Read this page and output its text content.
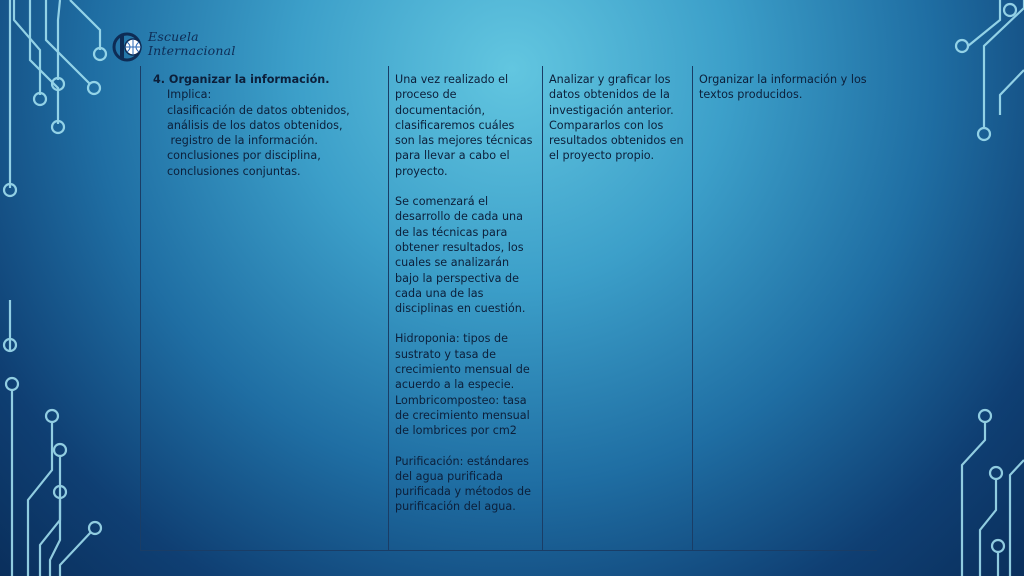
Escuela
Internacional
4. Organizar la información.
Implica:
clasificación de datos obtenidos,
análisis de los datos obtenidos,
registro de la información.
conclusiones por disciplina,
conclusiones conjuntas.

Una vez realizado el
proceso de
documentación,
clasificaremos cuáles
son las mejores técnicas
para llevar a cabo el
proyecto.

Se comenzará el
desarrollo de cada una
de las técnicas para
obtener resultados, los
cuales se analizarán
bajo la perspectiva de
cada una de las
disciplinas en cuestión.

Hidroponia: tipos de
sustrato y tasa de
crecimiento mensual de
acuerdo a la especie.
Lombricomposteo: tasa
de crecimiento mensual
de lombrices por cm2

Purificación: estándares
del agua purificada
purificada y métodos de
purificación del agua.

Analizar y graficar los
datos obtenidos de la
investigación anterior.
Compararlos con los
resultados obtenidos en
el proyecto propio.

Organizar la información y los
textos producidos.
